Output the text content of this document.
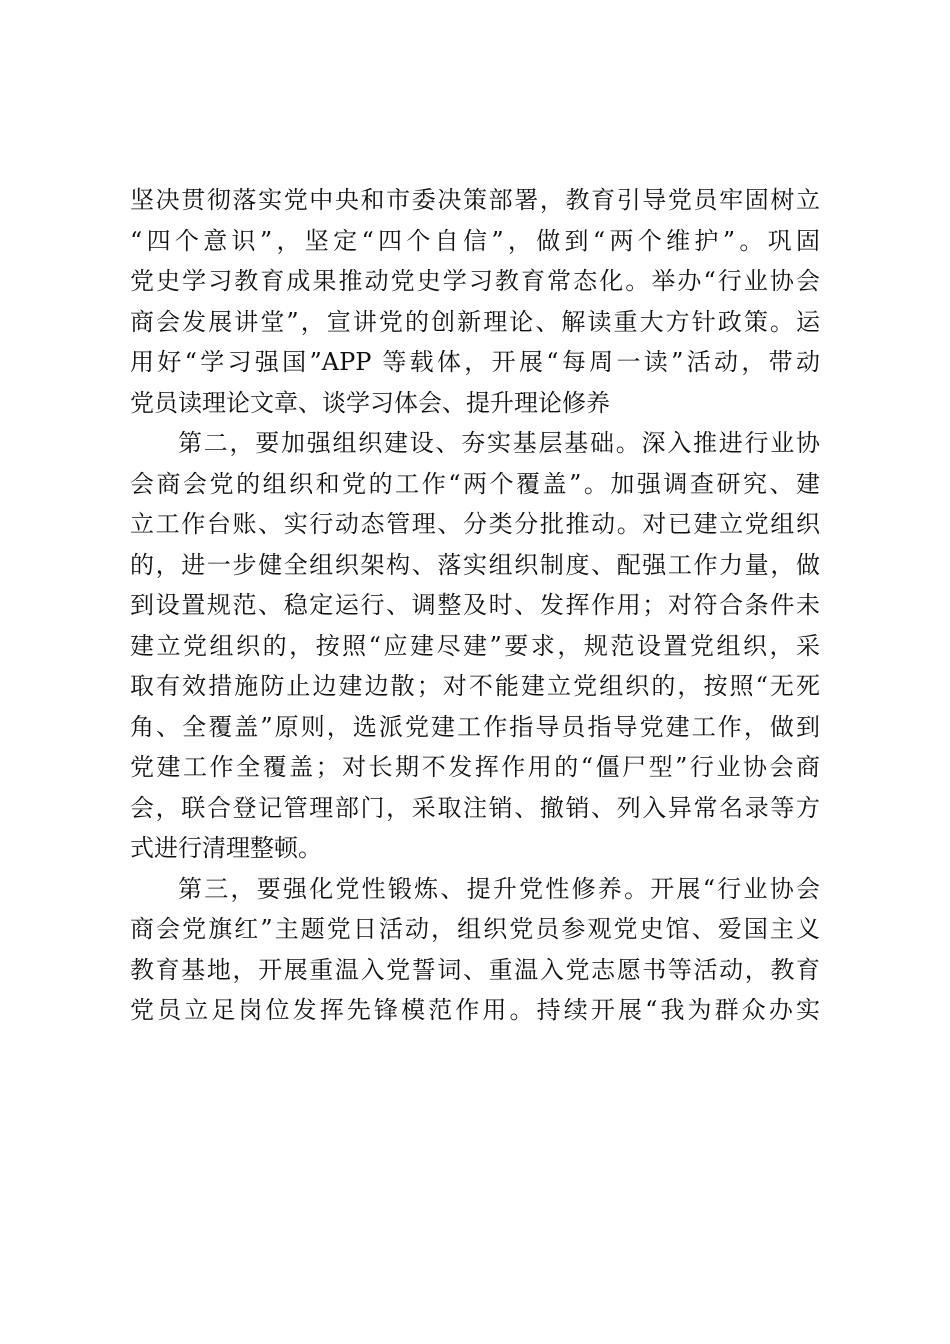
坚决贯彻落实党中央和市委决策部署，教育引导党员牢固树立
“四个意识”，坚定“四个自信”，做到“两个维护”。巩固
党史学习教育成果推动党史学习教育常态化。举办“行业协会
商会发展讲堂”，宣讲党的创新理论、解读重大方针政策。运
用好“学习强国”APP 等载体，开展“每周一读”活动，带动
党员读理论文章、谈学习体会、提升理论修养
第二，要加强组织建设、夯实基层基础。深入推进行业协
会商会党的组织和党的工作“两个覆盖”。加强调查研究、建
立工作台账、实行动态管理、分类分批推动。对已建立党组织
的，进一步健全组织架构、落实组织制度、配强工作力量，做
到设置规范、稳定运行、调整及时、发挥作用；对符合条件未
建立党组织的，按照“应建尽建”要求，规范设置党组织，采
取有效措施防止边建边散；对不能建立党组织的，按照“无死
角、全覆盖”原则，选派党建工作指导员指导党建工作，做到
党建工作全覆盖；对长期不发挥作用的“僵尸型”行业协会商
会，联合登记管理部门，采取注销、撤销、列入异常名录等方
式进行清理整顿。
第三，要强化党性锻炼、提升党性修养。开展“行业协会
商会党旗红”主题党日活动，组织党员参观党史馆、爱国主义
教育基地，开展重温入党誓词、重温入党志愿书等活动，教育
党员立足岗位发挥先锋模范作用。持续开展“我为群众办实
